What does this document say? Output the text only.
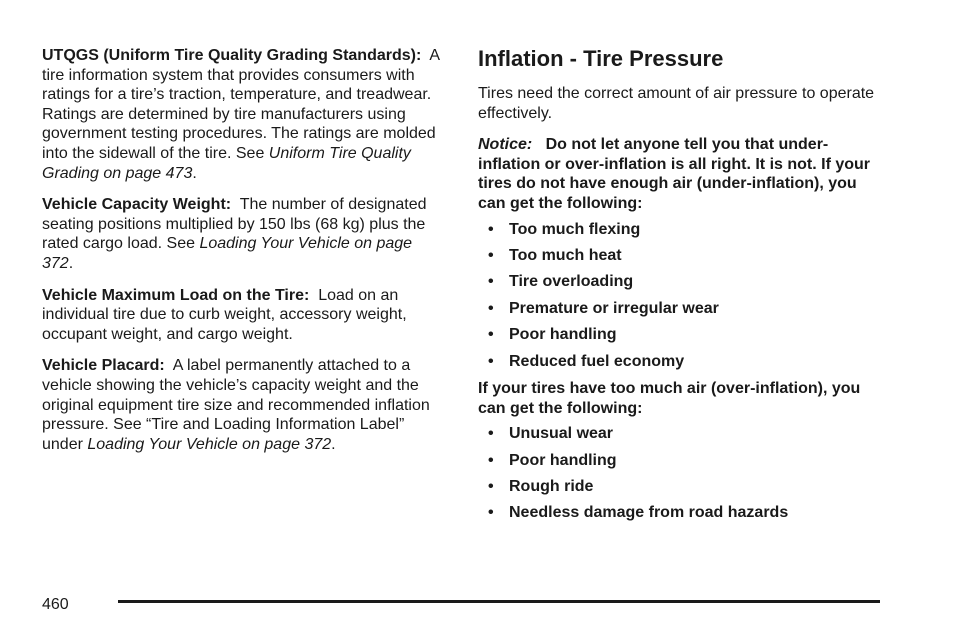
UTQGS (Uniform Tire Quality Grading Standards): A tire information system that provides consumers with ratings for a tire’s traction, temperature, and treadwear. Ratings are determined by tire manufacturers using government testing procedures. The ratings are molded into the sidewall of the tire. See Uniform Tire Quality Grading on page 473.

Vehicle Capacity Weight: The number of designated seating positions multiplied by 150 lbs (68 kg) plus the rated cargo load. See Loading Your Vehicle on page 372.

Vehicle Maximum Load on the Tire: Load on an individual tire due to curb weight, accessory weight, occupant weight, and cargo weight.

Vehicle Placard: A label permanently attached to a vehicle showing the vehicle’s capacity weight and the original equipment tire size and recommended inflation pressure. See “Tire and Loading Information Label” under Loading Your Vehicle on page 372.

Inflation - Tire Pressure

Tires need the correct amount of air pressure to operate effectively.

Notice: Do not let anyone tell you that under-inflation or over-inflation is all right. It is not. If your tires do not have enough air (under-inflation), you can get the following:

• Too much flexing
• Too much heat
• Tire overloading
• Premature or irregular wear
• Poor handling
• Reduced fuel economy

If your tires have too much air (over-inflation), you can get the following:

• Unusual wear
• Poor handling
• Rough ride
• Needless damage from road hazards
460
